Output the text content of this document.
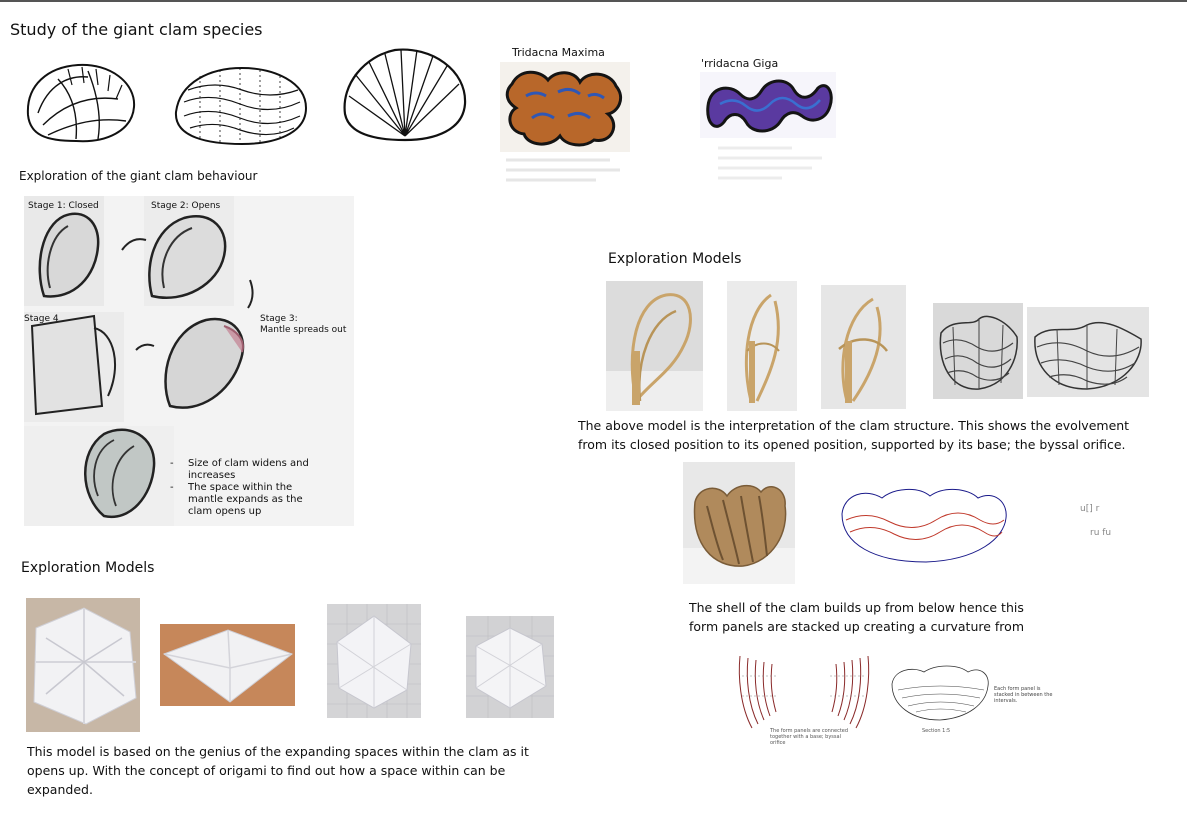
Study of the giant clam species
Tridacna Maxima
'rridacna Giga
Exploration of the giant clam behaviour
Stage 1: Closed	Stage 2: Opens
Stage 3:
Mantle spreads out
Stage 4
- Size of clam widens and increases
- The space within the mantle expands as the clam opens up
Exploration Models
This model is based on the genius of the expanding spaces within the clam as it opens up. With the concept of origami to find out how a space within can be expanded.
Exploration Models
The above model is the interpretation of the clam structure. This shows the evolvement from its closed position to its opened position, supported by its base; the byssal orifice.
u[] r
ru fu
The shell of the clam builds up from below hence this form panels are stacked up creating a curvature from
The form panels are connected together with a base; byssal orifice
Each form panel is stacked in between the intervals.
Section 1:5
